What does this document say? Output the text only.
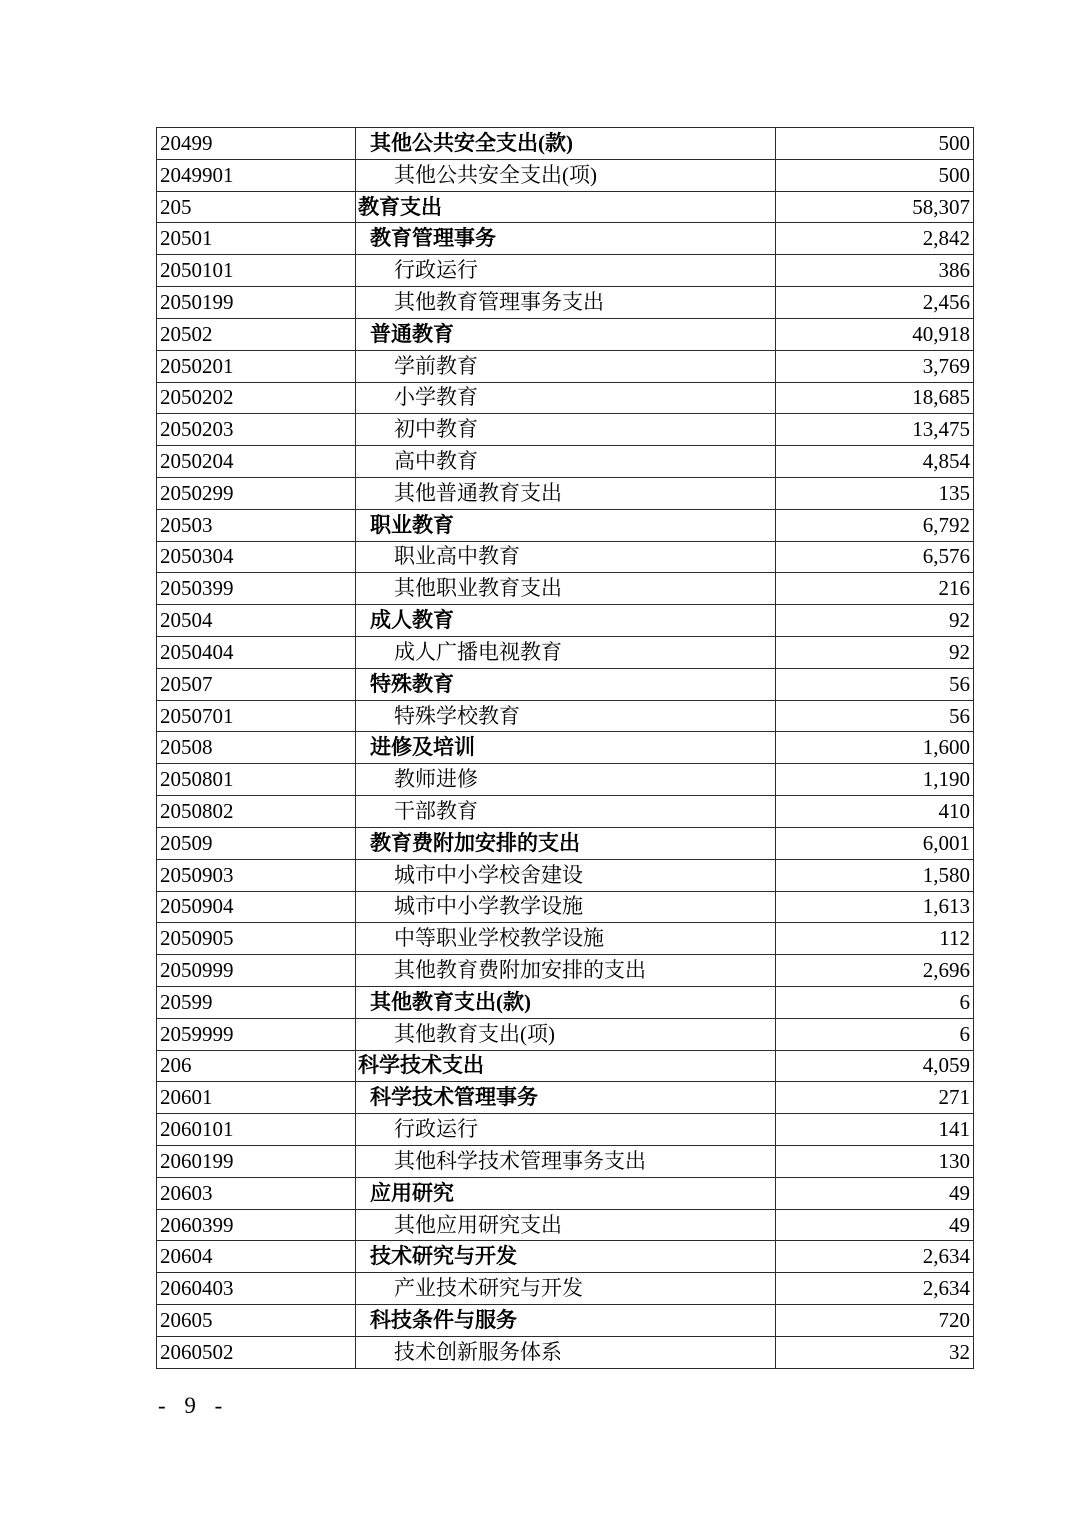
20499	其他公共安全支出(款)	500
2049901	其他公共安全支出(项)	500
205	教育支出	58,307
20501	教育管理事务	2,842
2050101	行政运行	386
2050199	其他教育管理事务支出	2,456
20502	普通教育	40,918
2050201	学前教育	3,769
2050202	小学教育	18,685
2050203	初中教育	13,475
2050204	高中教育	4,854
2050299	其他普通教育支出	135
20503	职业教育	6,792
2050304	职业高中教育	6,576
2050399	其他职业教育支出	216
20504	成人教育	92
2050404	成人广播电视教育	92
20507	特殊教育	56
2050701	特殊学校教育	56
20508	进修及培训	1,600
2050801	教师进修	1,190
2050802	干部教育	410
20509	教育费附加安排的支出	6,001
2050903	城市中小学校舍建设	1,580
2050904	城市中小学教学设施	1,613
2050905	中等职业学校教学设施	112
2050999	其他教育费附加安排的支出	2,696
20599	其他教育支出(款)	6
2059999	其他教育支出(项)	6
206	科学技术支出	4,059
20601	科学技术管理事务	271
2060101	行政运行	141
2060199	其他科学技术管理事务支出	130
20603	应用研究	49
2060399	其他应用研究支出	49
20604	技术研究与开发	2,634
2060403	产业技术研究与开发	2,634
20605	科技条件与服务	720
2060502	技术创新服务体系	32
- 9 -
